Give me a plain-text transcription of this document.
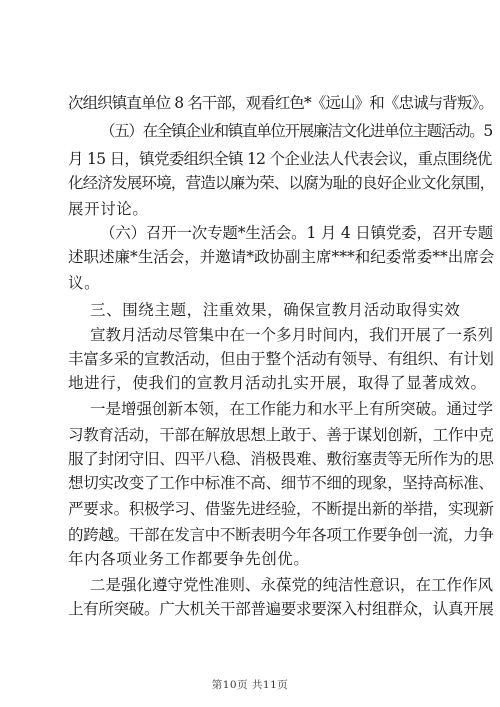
次组织镇直单位 8 名干部，观看红色*《远山》和《忠诚与背叛》。
（五）在全镇企业和镇直单位开展廉洁文化进单位主题活动。5
月 15 日，镇党委组织全镇 12 个企业法人代表会议，重点围绕优
化经济发展环境，营造以廉为荣、以腐为耻的良好企业文化氛围，
展开讨论。
（六）召开一次专题*生活会。1 月 4 日镇党委，召开专题
述职述廉*生活会，并邀请*政协副主席***和纪委常委**出席会
议。
三、围绕主题，注重效果，确保宣教月活动取得实效
宣教月活动尽管集中在一个多月时间内，我们开展了一系列
丰富多采的宣教活动，但由于整个活动有领导、有组织、有计划
地进行，使我们的宣教月活动扎实开展，取得了显著成效。
一是增强创新本领，在工作能力和水平上有所突破。通过学
习教育活动，干部在解放思想上敢于、善于谋划创新，工作中克
服了封闭守旧、四平八稳、消极畏难、敷衍塞责等无所作为的思
想切实改变了工作中标准不高、细节不细的现象，坚持高标准、
严要求。积极学习、借鉴先进经验，不断提出新的举措，实现新
的跨越。干部在发言中不断表明今年各项工作要争创一流，力争
年内各项业务工作都要争先创优。
二是强化遵守党性准则、永葆党的纯洁性意识，在工作作风
上有所突破。广大机关干部普遍要求要深入村组群众，认真开展
第10页 共11页
